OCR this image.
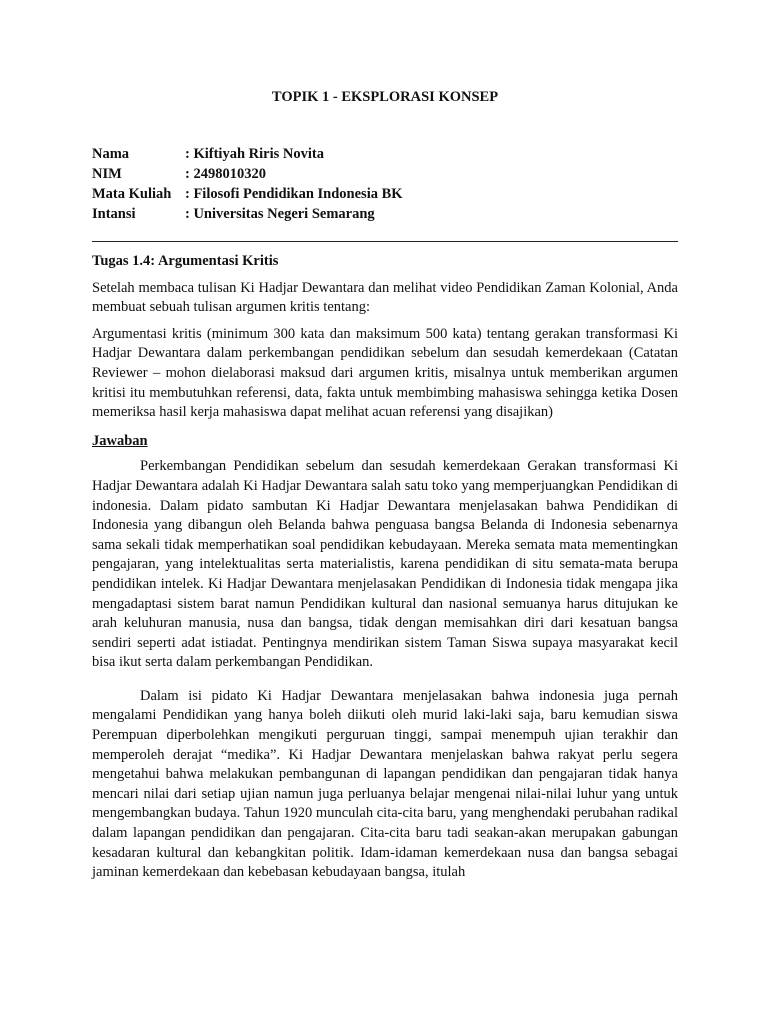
TOPIK 1 - EKSPLORASI KONSEP
Nama	: Kiftiyah Riris Novita
NIM	: 2498010320
Mata Kuliah : Filosofi Pendidikan Indonesia BK
Intansi	: Universitas Negeri Semarang
Tugas 1.4: Argumentasi Kritis

Setelah membaca tulisan Ki Hadjar Dewantara dan melihat video Pendidikan Zaman Kolonial, Anda membuat sebuah tulisan argumen kritis tentang:

Argumentasi kritis (minimum 300 kata dan maksimum 500 kata) tentang gerakan transformasi Ki Hadjar Dewantara dalam perkembangan pendidikan sebelum dan sesudah kemerdekaan (Catatan Reviewer – mohon dielaborasi maksud dari argumen kritis, misalnya untuk memberikan argumen kritisi itu membutuhkan referensi, data, fakta untuk membimbing mahasiswa sehingga ketika Dosen memeriksa hasil kerja mahasiswa dapat melihat acuan referensi yang disajikan)

Jawaban

Perkembangan Pendidikan sebelum dan sesudah kemerdekaan Gerakan transformasi Ki Hadjar Dewantara adalah Ki Hadjar Dewantara salah satu toko yang memperjuangkan Pendidikan di indonesia. Dalam pidato sambutan Ki Hadjar Dewantara menjelasakan bahwa Pendidikan di Indonesia yang dibangun oleh Belanda bahwa penguasa bangsa Belanda di Indonesia sebenarnya sama sekali tidak memperhatikan soal pendidikan kebudayaan. Mereka semata mata mementingkan pengajaran, yang intelektualitas serta materialistis, karena pendidikan di situ semata-mata berupa pendidikan intelek. Ki Hadjar Dewantara menjelasakan Pendidikan di Indonesia tidak mengapa jika mengadaptasi sistem barat namun Pendidikan kultural dan nasional semuanya harus ditujukan ke arah keluhuran manusia, nusa dan bangsa, tidak dengan memisahkan diri dari kesatuan bangsa sendiri seperti adat istiadat. Pentingnya mendirikan sistem Taman Siswa supaya masyarakat kecil bisa ikut serta dalam perkembangan Pendidikan.

Dalam isi pidato Ki Hadjar Dewantara menjelasakan bahwa indonesia juga pernah mengalami Pendidikan yang hanya boleh diikuti oleh murid laki-laki saja, baru kemudian siswa Perempuan diperbolehkan mengikuti perguruan tinggi, sampai menempuh ujian terakhir dan memperoleh derajat “medika”. Ki Hadjar Dewantara menjelaskan bahwa rakyat perlu segera mengetahui bahwa melakukan pembangunan di lapangan pendidikan dan pengajaran tidak hanya mencari nilai dari setiap ujian namun juga perluanya belajar mengenai nilai-nilai luhur yang untuk mengembangkan budaya. Tahun 1920 munculah cita-cita baru, yang menghendaki perubahan radikal dalam lapangan pendidikan dan pengajaran. Cita-cita baru tadi seakan-akan merupakan gabungan kesadaran kultural dan kebangkitan politik. Idam-idaman kemerdekaan nusa dan bangsa sebagai jaminan kemerdekaan dan kebebasan kebudayaan bangsa, itulah
